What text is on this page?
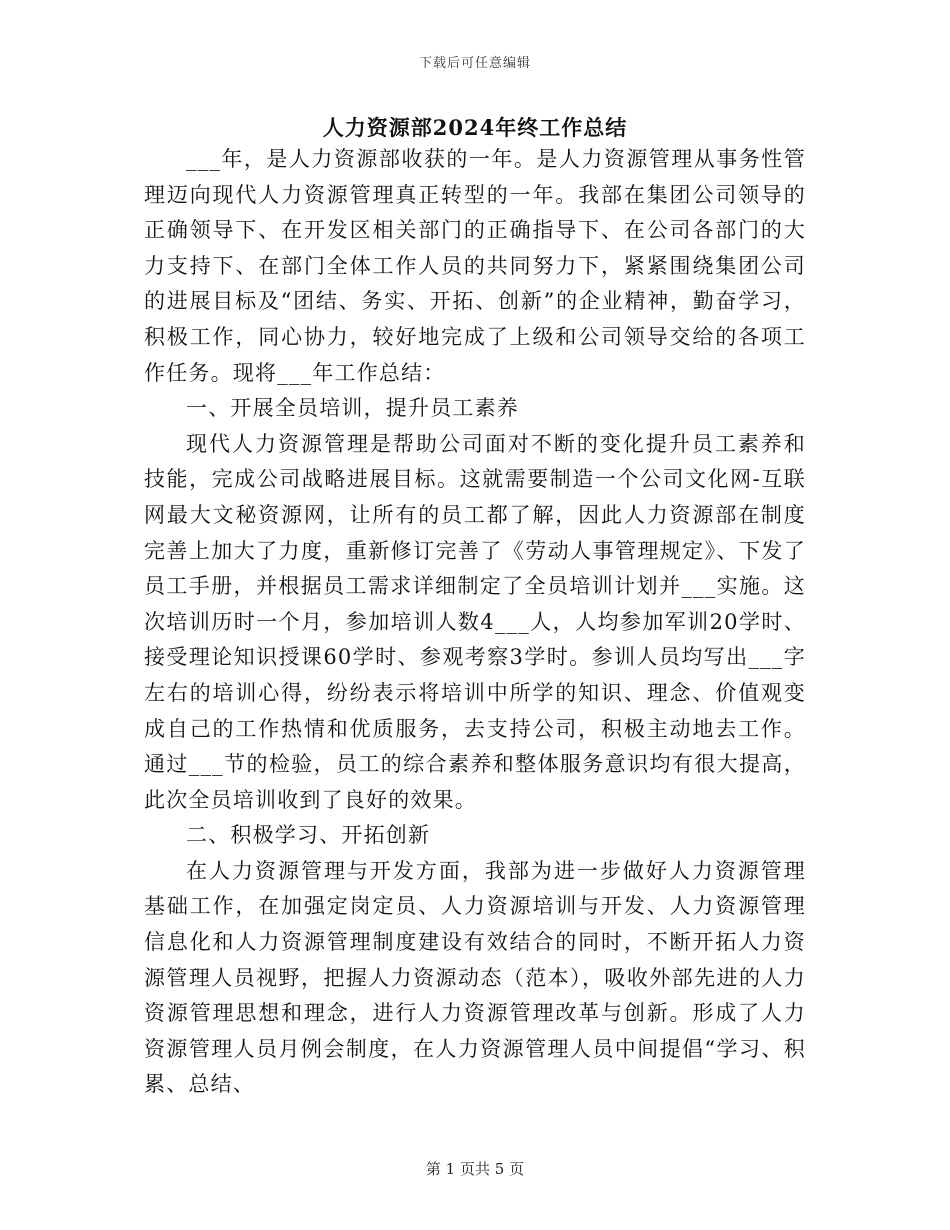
下载后可任意编辑
人力资源部2024年终工作总结

___年，是人力资源部收获的一年。是人力资源管理从事务性管理迈向现代人力资源管理真正转型的一年。我部在集团公司领导的正确领导下、在开发区相关部门的正确指导下、在公司各部门的大力支持下、在部门全体工作人员的共同努力下，紧紧围绕集团公司的进展目标及“团结、务实、开拓、创新”的企业精神，勤奋学习，积极工作，同心协力，较好地完成了上级和公司领导交给的各项工作任务。现将___年工作总结：

一、开展全员培训，提升员工素养

现代人力资源管理是帮助公司面对不断的变化提升员工素养和技能，完成公司战略进展目标。这就需要制造一个公司文化网-互联网最大文秘资源网，让所有的员工都了解，因此人力资源部在制度完善上加大了力度，重新修订完善了《劳动人事管理规定》、下发了员工手册，并根据员工需求详细制定了全员培训计划并___实施。这次培训历时一个月，参加培训人数4___人，人均参加军训20学时、接受理论知识授课60学时、参观考察3学时。参训人员均写出___字左右的培训心得，纷纷表示将培训中所学的知识、理念、价值观变成自己的工作热情和优质服务，去支持公司，积极主动地去工作。通过___节的检验，员工的综合素养和整体服务意识均有很大提高，此次全员培训收到了良好的效果。

二、积极学习、开拓创新

在人力资源管理与开发方面，我部为进一步做好人力资源管理基础工作，在加强定岗定员、人力资源培训与开发、人力资源管理信息化和人力资源管理制度建设有效结合的同时，不断开拓人力资源管理人员视野，把握人力资源动态（范本），吸收外部先进的人力资源管理思想和理念，进行人力资源管理改革与创新。形成了人力资源管理人员月例会制度，在人力资源管理人员中间提倡“学习、积累、总结、

第 1 页共 5 页
